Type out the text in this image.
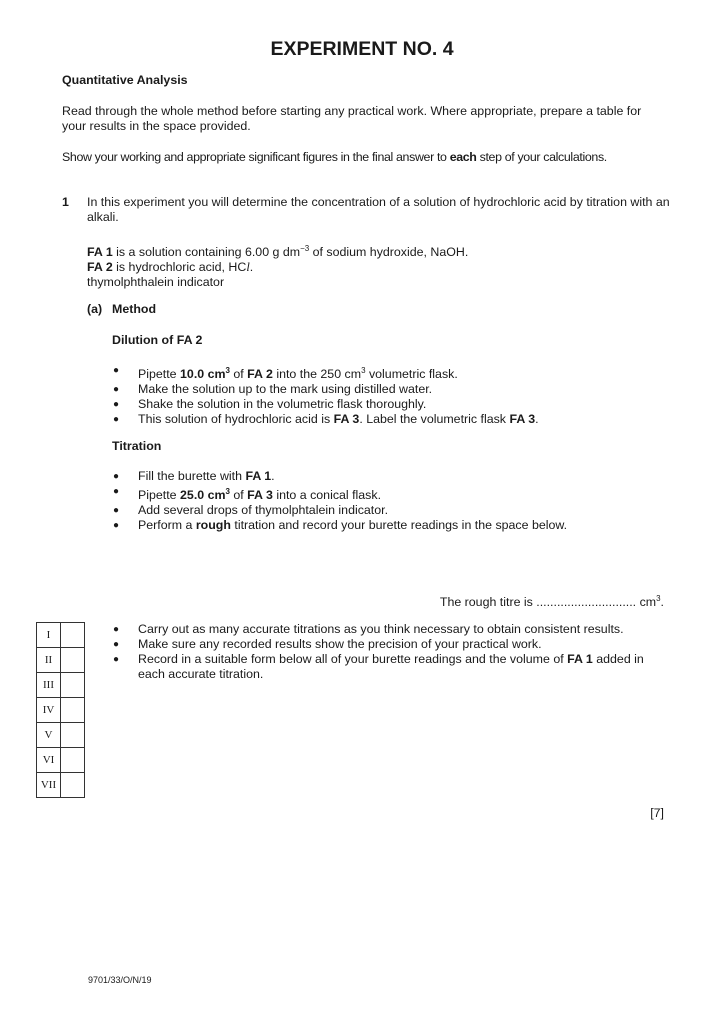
EXPERIMENT NO. 4
Quantitative Analysis

Read through the whole method before starting any practical work. Where appropriate, prepare a table for your results in the space provided.

Show your working and appropriate significant figures in the final answer to each step of your calculations.

1 In this experiment you will determine the concentration of a solution of hydrochloric acid by titration with an alkali.

FA 1 is a solution containing 6.00 g $dm^{-3}$ of sodium hydroxide, NaOH.
FA 2 is hydrochloric acid, HCl.
thymolphthalein indicator
(a) Method
Dilution of FA 2
● Pipette 10.0 $cm^3$ of FA 2 into the 250 $cm^3$ volumetric flask.
● Make the solution up to the mark using distilled water.
● Shake the solution in the volumetric flask thoroughly.
● This solution of hydrochloric acid is FA 3. Label the volumetric flask FA 3.
Titration
● Fill the burette with FA 1.
● Pipette 25.0 $cm^3$ of FA 3 into a conical flask.
● Add several drops of thymolphtalein indicator.
● Perform a rough titration and record your burette readings in the space below.
The rough titre is ............................. $cm^3$.
● Carry out as many accurate titrations as you think necessary to obtain consistent results.
● Make sure any recorded results show the precision of your practical work.
● Record in a suitable form below all of your burette readings and the volume of FA 1 added in each accurate titration.
I	
II	
III	
IV	
V	
VI	
VII	
[7]
9701/33/O/N/19
